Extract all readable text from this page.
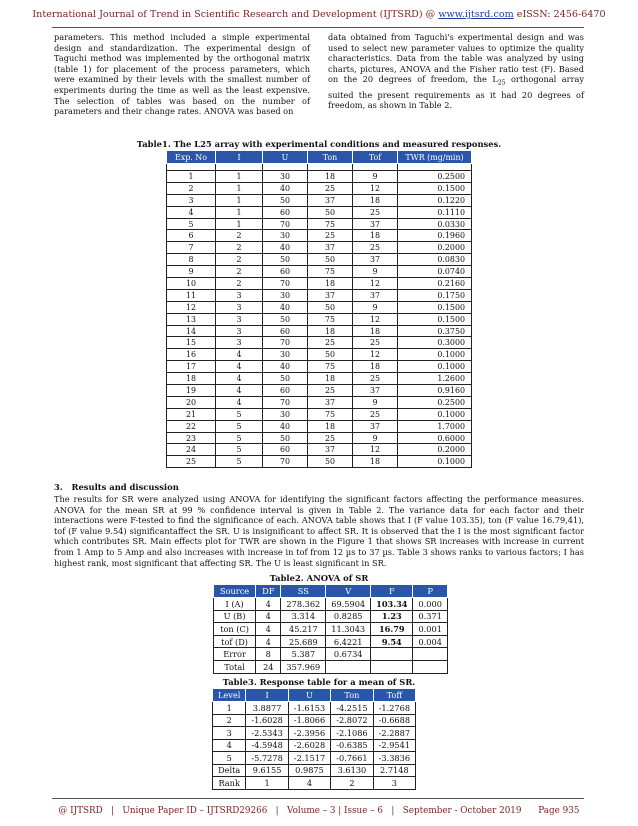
International Journal of Trend in Scientific Research and Development (IJTSRD) @ www.ijtsrd.com eISSN: 2456-6470
parameters. This method included a simple experimental design and standardization. The experimental design of Taguchi method was implemented by the orthogonal matrix (table 1) for placement of the process parameters, which were examined by their levels with the smallest number of experiments during the time as well as the least expensive. The selection of tables was based on the number of parameters and their change rates. ANOVA was based on
data obtained from Taguchi's experimental design and was used to select new parameter values to optimize the quality characteristics. Data from the table was analyzed by using charts, pictures, ANOVA and the Fisher ratio test (F). Based on the 20 degrees of freedom, the $L_{25}$ orthogonal array suited the present requirements as it had 20 degrees of freedom, as shown in Table 2.
Table1. The L25 array with experimental conditions and measured responses.
Exp. No	I	U	Ton	Tof	TWR (mg/min)

1	1	30	18	9	0.2500
2	1	40	25	12	0.1500
3	1	50	37	18	0.1220
4	1	60	50	25	0.1110
5	1	70	75	37	0.0330
6	2	30	25	18	0.1960
7	2	40	37	25	0.2000
8	2	50	50	37	0.0830
9	2	60	75	9	0.0740
10	2	70	18	12	0.2160
11	3	30	37	37	0.1750
12	3	40	50	9	0.1500
13	3	50	75	12	0.1500
14	3	60	18	18	0.3750
15	3	70	25	25	0.3000
16	4	30	50	12	0.1000
17	4	40	75	18	0.1000
18	4	50	18	25	1.2600
19	4	60	25	37	0.9160
20	4	70	37	9	0.2500
21	5	30	75	25	0.1000
22	5	40	18	37	1.7000
23	5	50	25	9	0.6000
24	5	60	37	12	0.2000
25	5	70	50	18	0.1000
3.   Results and discussion
The results for SR were analyzed using ANOVA for identifying the significant factors affecting the performance measures. ANOVA for the mean SR at 99 % confidence interval is given in Table 2. The variance data for each factor and their interactions were F-tested to find the significance of each. ANOVA table shows that I (F value 103.35), ton (F value 16.79,41), tof (F value 9.54) significantaffect the SR. U is insignificant to affect SR. It is observed that the I is the most significant factor which contributes SR. Main effects plot for TWR are shown in the Figure 1 that shows SR increases with increase in current from 1 Amp to 5 Amp and also increases with increase in tof from 12 µs to 37 µs. Table 3 shows ranks to various factors; I has highest rank, most significant that affecting SR. The U is least significant in SR.
Table2. ANOVA of SR
Source	DF	SS	V	F	P
I (A)	4	278.362	69.5904	103.34	0.000
U (B)	4	3.314	0.8285	1.23	0.371
ton (C)	4	45.217	11.3043	16.79	0.001
tof (D)	4	25.689	6.4221	9.54	0.004
Error	8	5.387	0.6734		
Total	24	357.969			
Table3. Response table for a mean of SR.
Level	I	U	Ton	Toff
1	3.8877	-1.6153	-4.2515	-1.2768
2	-1.6028	-1.8066	-2.8072	-0.6688
3	-2.5343	-2.3956	-2.1086	-2.2887
4	-4.5948	-2.6028	-0.6385	-2.9541
5	-5.7278	-2.1517	-0.7661	-3.3836
Delta	9.6155	0.9875	3.6130	2.7148
Rank	1	4	2	3
@ IJTSRD   |   Unique Paper ID – IJTSRD29266   |   Volume – 3 | Issue – 6   |   September - October 2019      Page 935
